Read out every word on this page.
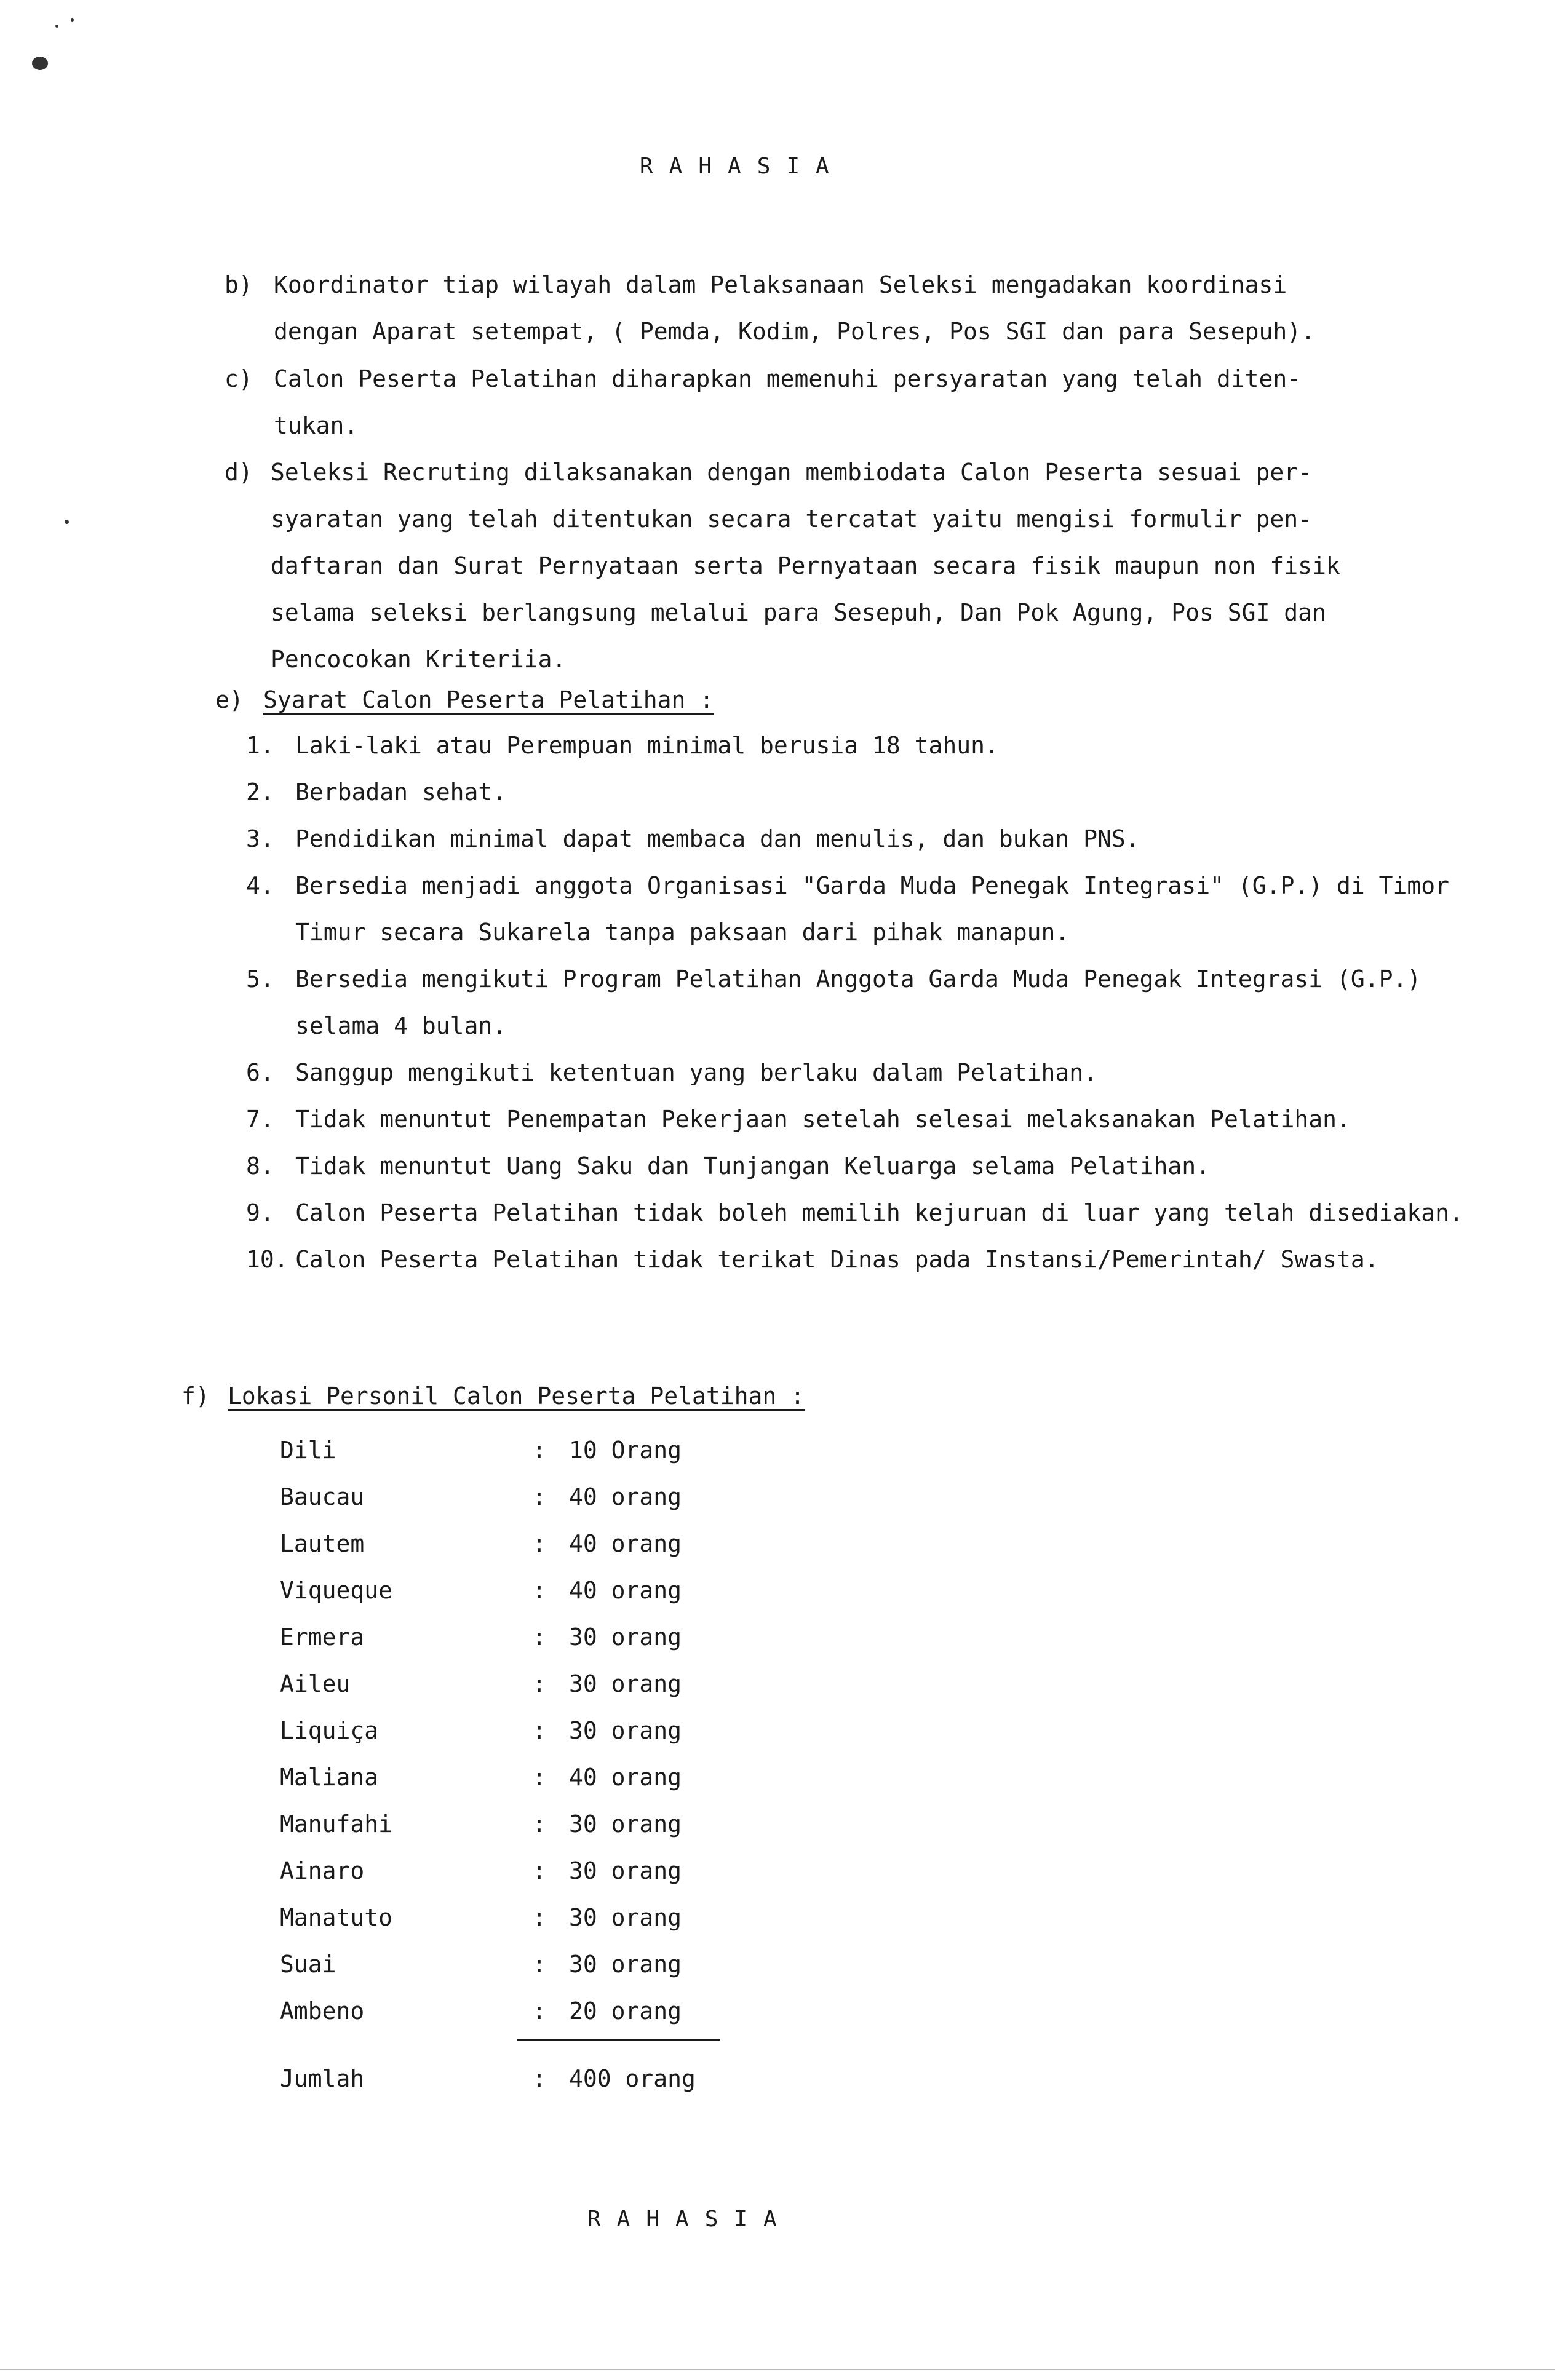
RAHASIA
b) Koordinator tiap wilayah dalam Pelaksanaan Seleksi mengadakan koordinasi
dengan Aparat setempat, ( Pemda, Kodim, Polres, Pos SGI dan para Sesepuh).
c) Calon Peserta Pelatihan diharapkan memenuhi persyaratan yang telah diten-
tukan.
d) Seleksi Recruting dilaksanakan dengan membiodata Calon Peserta sesuai per-
syaratan yang telah ditentukan secara tercatat yaitu mengisi formulir pen-
daftaran dan Surat Pernyataan serta Pernyataan secara fisik maupun non fisik
selama seleksi berlangsung melalui para Sesepuh, Dan Pok Agung, Pos SGI dan
Pencocokan Kriteriia.
e) Syarat Calon Peserta Pelatihan :
1. Laki-laki atau Perempuan minimal berusia 18 tahun.
2. Berbadan sehat.
3. Pendidikan minimal dapat membaca dan menulis, dan bukan PNS.
4. Bersedia menjadi anggota Organisasi "Garda Muda Penegak Integrasi" (G.P.) di Timor Timur secara Sukarela tanpa paksaan dari pihak manapun.
5. Bersedia mengikuti Program Pelatihan Anggota Garda Muda Penegak Integrasi (G.P.) selama 4 bulan.
6. Sanggup mengikuti ketentuan yang berlaku dalam Pelatihan.
7. Tidak menuntut Penempatan Pekerjaan setelah selesai melaksanakan Pelatihan.
8. Tidak menuntut Uang Saku dan Tunjangan Keluarga selama Pelatihan.
9. Calon Peserta Pelatihan tidak boleh memilih kejuruan di luar yang telah disediakan.
10. Calon Peserta Pelatihan tidak terikat Dinas pada Instansi/Pemerintah/ Swasta.
f) Lokasi Personil Calon Peserta Pelatihan :
Dili	: 10 Orang
Baucau	: 40 orang
Lautem	: 40 orang
Viqueque	: 40 orang
Ermera	: 30 orang
Aileu	: 30 orang
Liquiça	: 30 orang
Maliana	: 40 orang
Manufahi	: 30 orang
Ainaro	: 30 orang
Manatuto	: 30 orang
Suai	: 30 orang
Ambeno	: 20 orang
Jumlah	: 400 orang
RAHASIA
